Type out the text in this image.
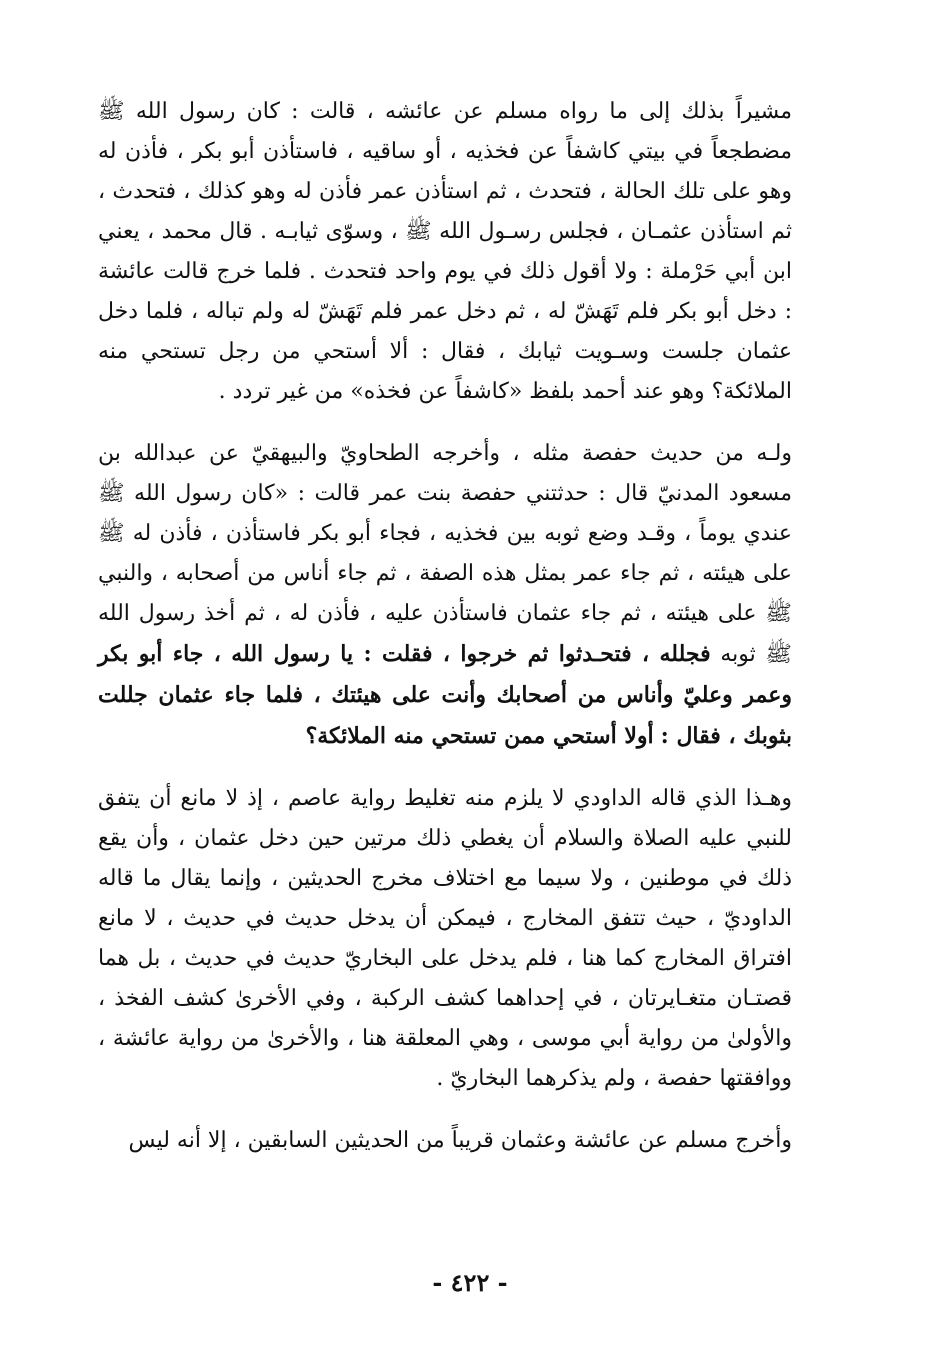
مشيراً بذلك إلى ما رواه مسلم عن عائشه ، قالت : كان رسول الله ﷺ مضطجعاً في بيتي كاشفاً عن فخذيه ، أو ساقيه ، فاستأذن أبو بكر ، فأذن له وهو على تلك الحالة ، فتحدث ، ثم استأذن عمر فأذن له وهو كذلك ، فتحدث ، ثم استأذن عثمـان ، فجلس رسـول الله ﷺ ، وسوّى ثيابـه . قال محمد ، يعني ابن أبي حَرْملة : ولا أقول ذلك في يوم واحد فتحدث . فلما خرج قالت عائشة : دخل أبو بكر فلم تَهَشّ له ، ثم دخل عمر فلم تَهَشّ له ولم تباله ، فلما دخل عثمان جلست وسـويت ثيابك ، فقال : ألا أستحي من رجل تستحي منه الملائكة؟ وهو عند أحمد بلفظ «كاشفاً عن فخذه» من غير تردد .

ولـه من حديث حفصة مثله ، وأخرجه الطحاويّ والبيهقيّ عن عبدالله بن مسعود المدنيّ قال : حدثتني حفصة بنت عمر قالت : «كان رسول الله ﷺ عندي يوماً ، وقـد وضع ثوبه بين فخذيه ، فجاء أبو بكر فاستأذن ، فأذن له ﷺ على هيئته ، ثم جاء عمر بمثل هذه الصفة ، ثم جاء أناس من أصحابه ، والنبي ﷺ على هيئته ، ثم جاء عثمان فاستأذن عليه ، فأذن له ، ثم أخذ رسول الله ﷺ ثوبه فجلله ، فتحـدثوا ثم خرجوا ، فقلت : يا رسول الله ، جاء أبو بكر وعمر وعليّ وأناس من أصحابك وأنت على هيئتك ، فلما جاء عثمان جللت بثوبك ، فقال : أولا أستحي ممن تستحي منه الملائكة؟

وهـذا الذي قاله الداودي لا يلزم منه تغليط رواية عاصم ، إذ لا مانع أن يتفق للنبي عليه الصلاة والسلام أن يغطي ذلك مرتين حين دخل عثمان ، وأن يقع ذلك في موطنين ، ولا سيما مع اختلاف مخرج الحديثين ، وإنما يقال ما قاله الداوديّ ، حيث تتفق المخارج ، فيمكن أن يدخل حديث في حديث ، لا مانع افتراق المخارج كما هنا ، فلم يدخل على البخاريّ حديث في حديث ، بل هما قصتـان متغـايرتان ، في إحداهما كشف الركبة ، وفي الأخرىٰ كشف الفخذ ، والأولىٰ من رواية أبي موسى ، وهي المعلقة هنا ، والأخرىٰ من رواية عائشة ، ووافقتها حفصة ، ولم يذكرهما البخاريّ .

وأخرج مسلم عن عائشة وعثمان قريباً من الحديثين السابقين ، إلا أنه ليس

- ٤٢٢ -
